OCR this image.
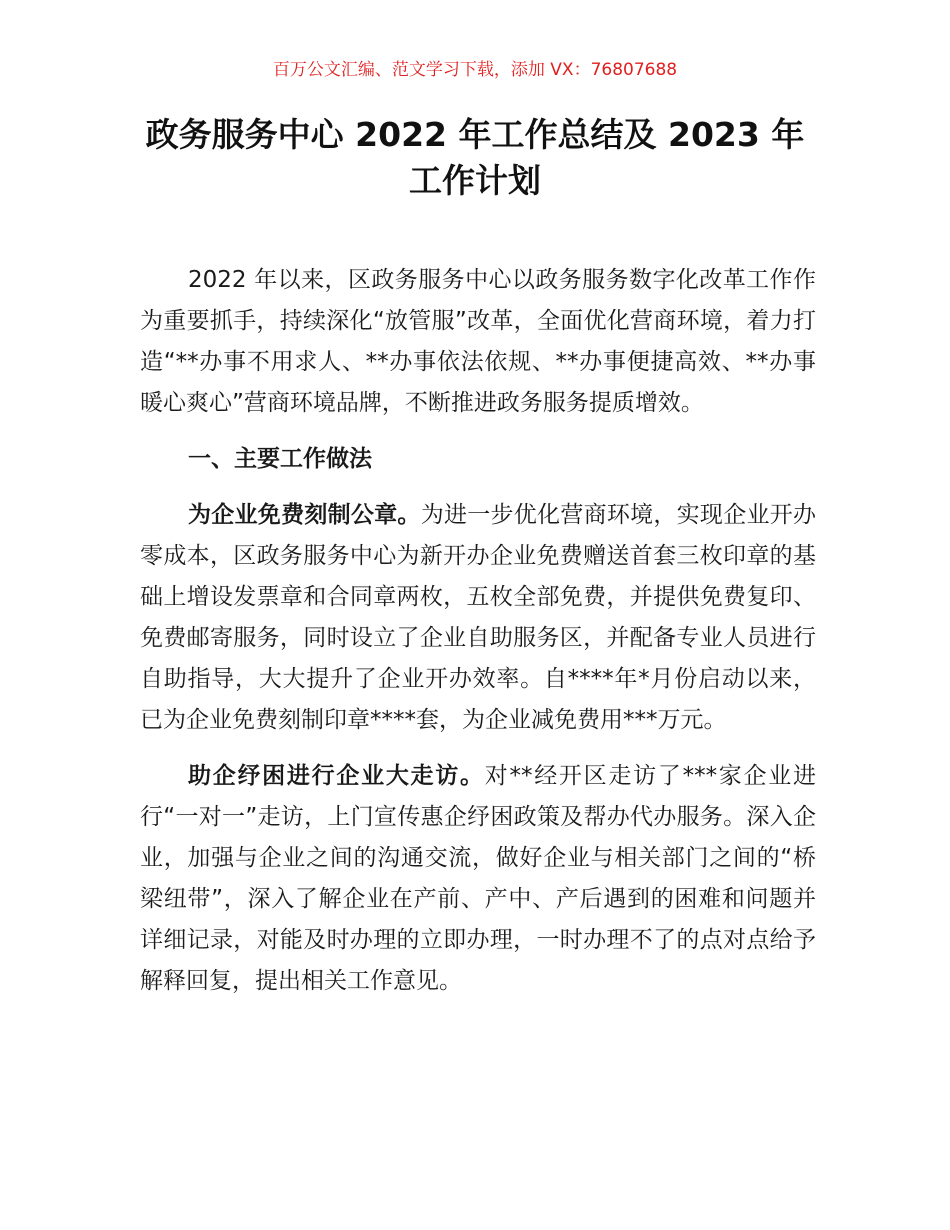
百万公文汇编、范文学习下载，添加 VX：76807688
政务服务中心 2022 年工作总结及 2023 年
工作计划

2022 年以来，区政务服务中心以政务服务数字化改革工作作为重要抓手，持续深化“放管服”改革，全面优化营商环境，着力打造“**办事不用求人、**办事依法依规、**办事便捷高效、**办事暖心爽心”营商环境品牌，不断推进政务服务提质增效。

一、主要工作做法

为企业免费刻制公章。为进一步优化营商环境，实现企业开办零成本，区政务服务中心为新开办企业免费赠送首套三枚印章的基础上增设发票章和合同章两枚，五枚全部免费，并提供免费复印、免费邮寄服务，同时设立了企业自助服务区，并配备专业人员进行自助指导，大大提升了企业开办效率。自****年*月份启动以来，已为企业免费刻制印章****套，为企业减免费用***万元。

助企纾困进行企业大走访。对**经开区走访了***家企业进行“一对一”走访，上门宣传惠企纾困政策及帮办代办服务。深入企业，加强与企业之间的沟通交流，做好企业与相关部门之间的“桥梁纽带”，深入了解企业在产前、产中、产后遇到的困难和问题并详细记录，对能及时办理的立即办理，一时办理不了的点对点给予解释回复，提出相关工作意见。
